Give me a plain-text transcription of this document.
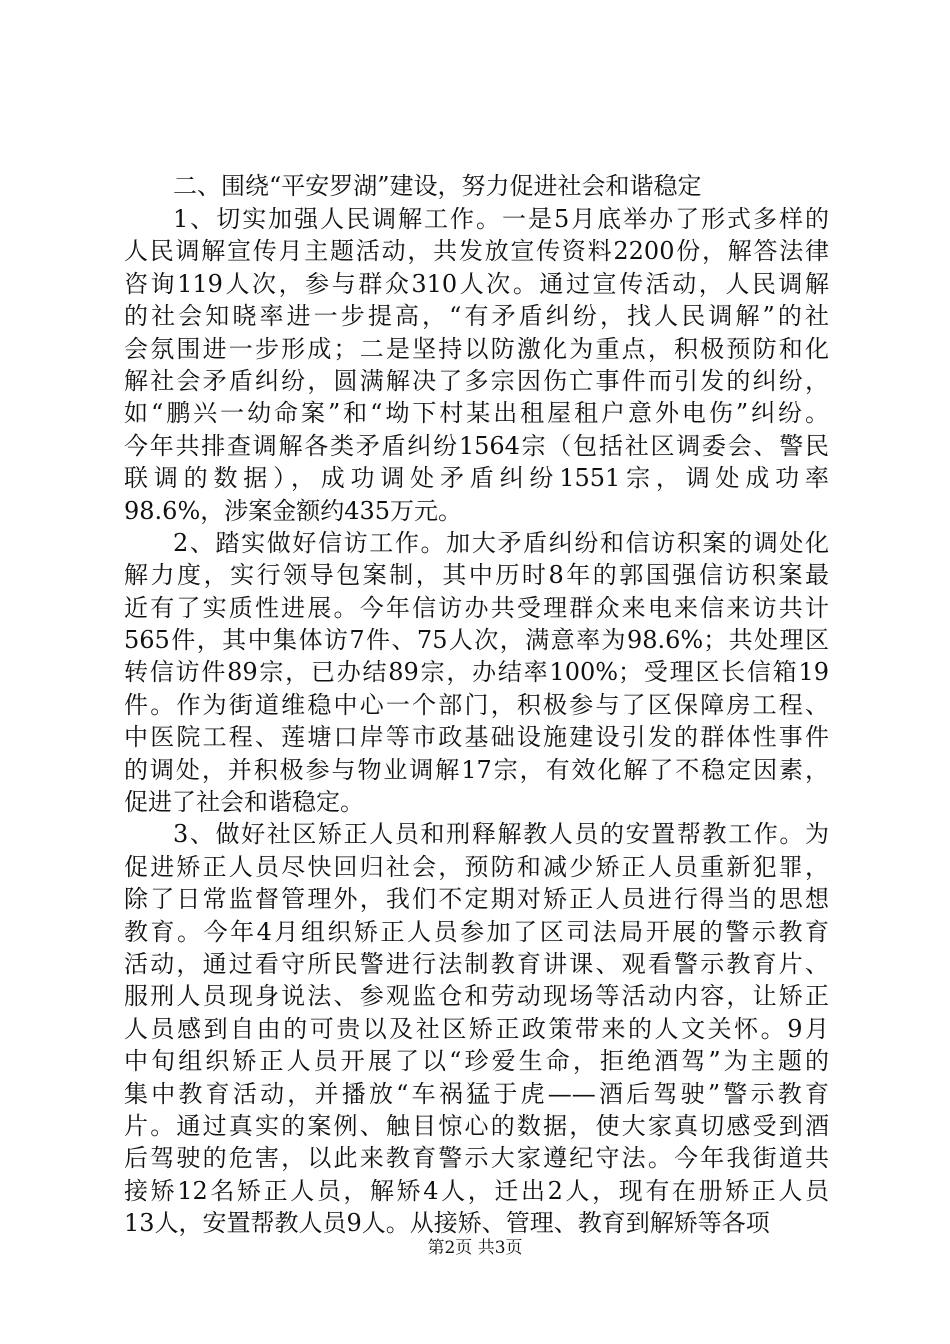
二、围绕“平安罗湖”建设，努力促进社会和谐稳定
1、切实加强人民调解工作。一是5月底举办了形式多样的
人民调解宣传月主题活动，共发放宣传资料2200份，解答法律
咨询119人次，参与群众310人次。通过宣传活动，人民调解
的社会知晓率进一步提高，“有矛盾纠纷，找人民调解”的社
会氛围进一步形成；二是坚持以防激化为重点，积极预防和化
解社会矛盾纠纷，圆满解决了多宗因伤亡事件而引发的纠纷，
如“鹏兴一幼命案”和“坳下村某出租屋租户意外电伤”纠纷。
今年共排查调解各类矛盾纠纷1564宗（包括社区调委会、警民
联调的数据），成功调处矛盾纠纷1551宗，调处成功率
98.6%，涉案金额约435万元。
2、踏实做好信访工作。加大矛盾纠纷和信访积案的调处化
解力度，实行领导包案制，其中历时8年的郭国强信访积案最
近有了实质性进展。今年信访办共受理群众来电来信来访共计
565件，其中集体访7件、75人次，满意率为98.6%；共处理区
转信访件89宗，已办结89宗，办结率100%；受理区长信箱19
件。作为街道维稳中心一个部门，积极参与了区保障房工程、
中医院工程、莲塘口岸等市政基础设施建设引发的群体性事件
的调处，并积极参与物业调解17宗，有效化解了不稳定因素，
促进了社会和谐稳定。
3、做好社区矫正人员和刑释解教人员的安置帮教工作。为
促进矫正人员尽快回归社会，预防和减少矫正人员重新犯罪，
除了日常监督管理外，我们不定期对矫正人员进行得当的思想
教育。今年4月组织矫正人员参加了区司法局开展的警示教育
活动，通过看守所民警进行法制教育讲课、观看警示教育片、
服刑人员现身说法、参观监仓和劳动现场等活动内容，让矫正
人员感到自由的可贵以及社区矫正政策带来的人文关怀。9月
中旬组织矫正人员开展了以“珍爱生命，拒绝酒驾”为主题的
集中教育活动，并播放“车祸猛于虎——酒后驾驶”警示教育
片。通过真实的案例、触目惊心的数据，使大家真切感受到酒
后驾驶的危害，以此来教育警示大家遵纪守法。今年我街道共
接矫12名矫正人员，解矫4人，迁出2人，现有在册矫正人员
13人，安置帮教人员9人。从接矫、管理、教育到解矫等各项
第2页 共3页
